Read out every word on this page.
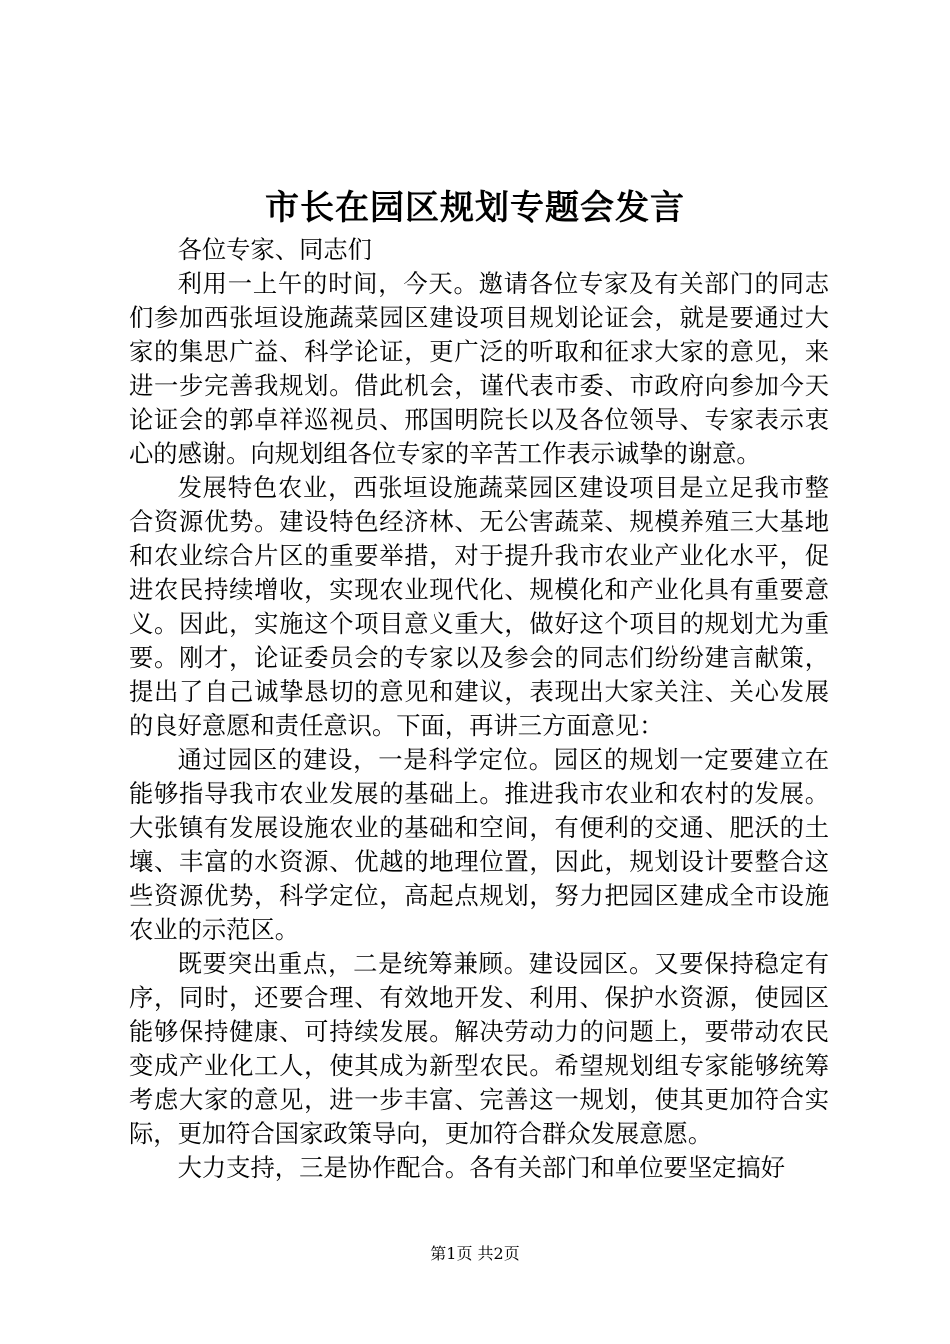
市长在园区规划专题会发言

各位专家、同志们

利用一上午的时间，今天。邀请各位专家及有关部门的同志们参加西张垣设施蔬菜园区建设项目规划论证会，就是要通过大家的集思广益、科学论证，更广泛的听取和征求大家的意见，来进一步完善我规划。借此机会，谨代表市委、市政府向参加今天论证会的郭卓祥巡视员、邢国明院长以及各位领导、专家表示衷心的感谢。向规划组各位专家的辛苦工作表示诚挚的谢意。

发展特色农业，西张垣设施蔬菜园区建设项目是立足我市整合资源优势。建设特色经济林、无公害蔬菜、规模养殖三大基地和农业综合片区的重要举措，对于提升我市农业产业化水平，促进农民持续增收，实现农业现代化、规模化和产业化具有重要意义。因此，实施这个项目意义重大，做好这个项目的规划尤为重要。刚才，论证委员会的专家以及参会的同志们纷纷建言献策，提出了自己诚挚恳切的意见和建议，表现出大家关注、关心发展的良好意愿和责任意识。下面，再讲三方面意见：

通过园区的建设，一是科学定位。园区的规划一定要建立在能够指导我市农业发展的基础上。推进我市农业和农村的发展。大张镇有发展设施农业的基础和空间，有便利的交通、肥沃的土壤、丰富的水资源、优越的地理位置，因此，规划设计要整合这些资源优势，科学定位，高起点规划，努力把园区建成全市设施农业的示范区。

既要突出重点，二是统筹兼顾。建设园区。又要保持稳定有序，同时，还要合理、有效地开发、利用、保护水资源，使园区能够保持健康、可持续发展。解决劳动力的问题上，要带动农民变成产业化工人，使其成为新型农民。希望规划组专家能够统筹考虑大家的意见，进一步丰富、完善这一规划，使其更加符合实际，更加符合国家政策导向，更加符合群众发展意愿。

大力支持，三是协作配合。各有关部门和单位要坚定搞好

第1页 共2页
